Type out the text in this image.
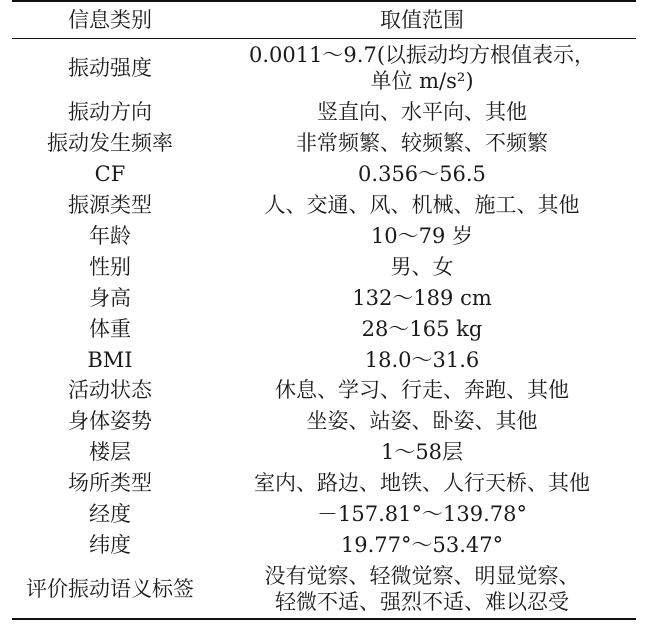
信息类别	取值范围
振动强度	0.0011～9.7(以振动均方根值表示，
单位 m/s²)

振动方向	竖直向、水平向、其他
振动发生频率	非常频繁、较频繁、不频繁
CF	0.356～56.5
振源类型	人、交通、风、机械、施工、其他
年龄	10～79 岁
性别	男、女
身高	132～189 cm
体重	28～165 kg
BMI	18.0～31.6
活动状态	休息、学习、行走、奔跑、其他
身体姿势	坐姿、站姿、卧姿、其他
楼层	1～58层
场所类型	室内、路边、地铁、人行天桥、其他
经度	－157.81°～139.78°
纬度	19.77°～53.47°
评价振动语义标签	没有觉察、轻微觉察、明显觉察、
轻微不适、强烈不适、难以忍受
